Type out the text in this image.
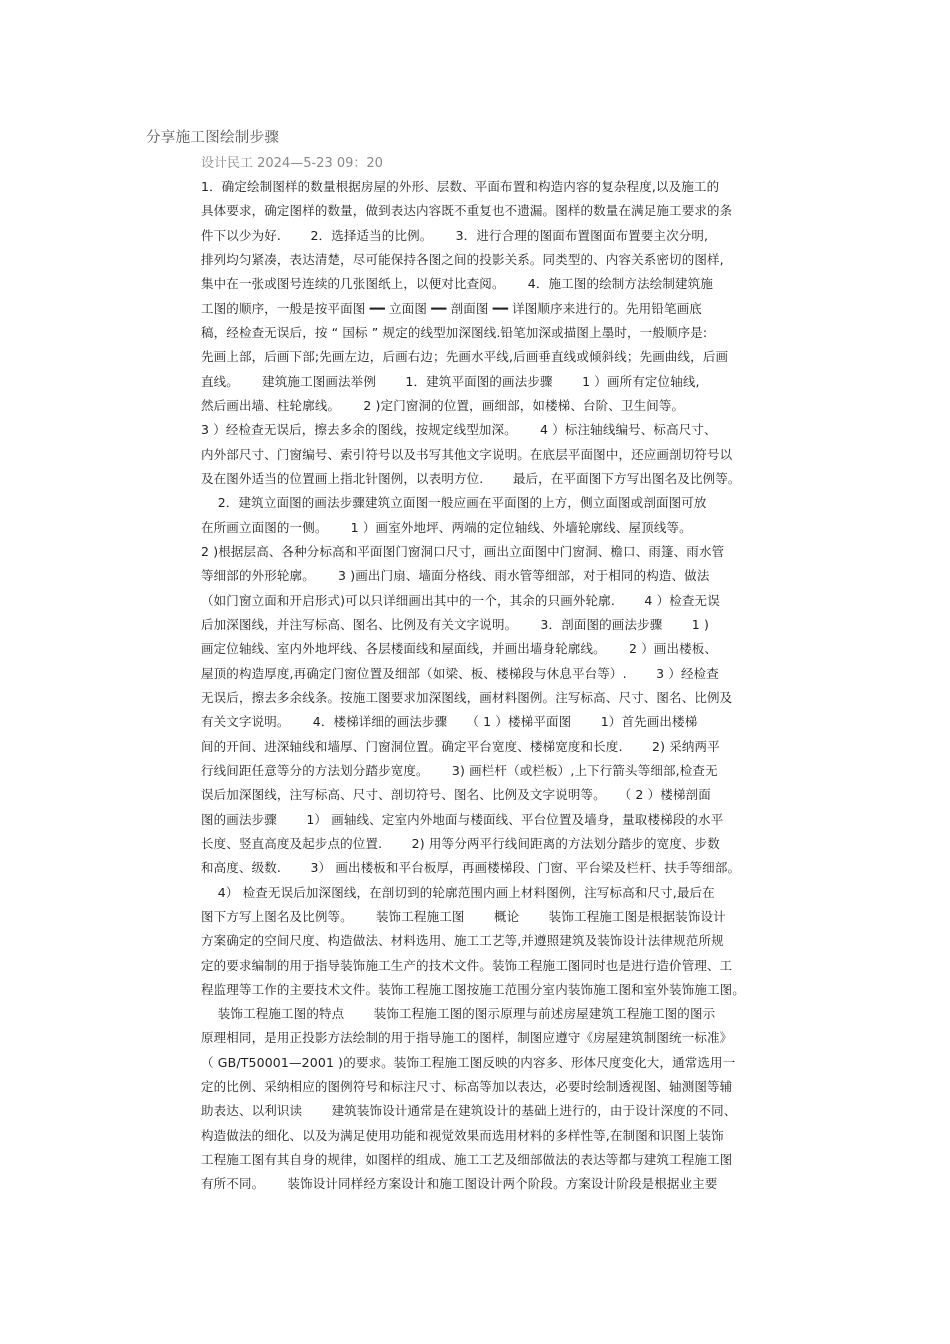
分享施工图绘制步骤
设计民工 2024—5-23 09：20
1．确定绘制图样的数量根据房屋的外形、层数、平面布置和构造内容的复杂程度,以及施工的
具体要求，确定图样的数量，做到表达内容既不重复也不遗漏。图样的数量在满足施工要求的条
件下以少为好.　　 2．选择适当的比例。　　 3．进行合理的图面布置图面布置要主次分明,
排列均匀紧凑，表达清楚，尽可能保持各图之间的投影关系。同类型的、内容关系密切的图样,
集中在一张或图号连续的几张图纸上，以便对比查阅。　　 4．施工图的绘制方法绘制建筑施
工图的顺序，一般是按平面图 ━━ 立面图 ━━ 剖面图 ━━ 详图顺序来进行的。先用铅笔画底
稿，经检查无误后，按 “ 国标 ” 规定的线型加深图线.铅笔加深或描图上墨时，一般顺序是:
先画上部，后画下部;先画左边，后画右边；先画水平线,后画垂直线或倾斜线；先画曲线，后画
直线。　　 建筑施工图画法举例　　 1．建筑平面图的画法步骤　　 1 ）画所有定位轴线,
然后画出墙、柱轮廓线。　　 2 )定门窗洞的位置，画细部，如楼梯、台阶、卫生间等。
3 ）经检查无误后，擦去多余的图线，按规定线型加深。　　 4 ）标注轴线编号、标高尺寸、
内外部尺寸、门窗编号、索引符号以及书写其他文字说明。在底层平面图中，还应画剖切符号以
及在图外适当的位置画上指北针图例，以表明方位.　　 最后，在平面图下方写出图名及比例等。
　 2．建筑立面图的画法步骤建筑立面图一般应画在平面图的上方，侧立面图或剖面图可放
在所画立面图的一侧。　　 1 ）画室外地坪、两端的定位轴线、外墙轮廓线、屋顶线等。
2 )根据层高、各种分标高和平面图门窗洞口尺寸，画出立面图中门窗洞、檐口、雨篷、雨水管
等细部的外形轮廓。　　 3 )画出门扇、墙面分格线、雨水管等细部，对于相同的构造、做法
（如门窗立面和开启形式)可以只详细画出其中的一个，其余的只画外轮廓.　　 4 ）检查无误
后加深图线，并注写标高、图名、比例及有关文字说明。　　 3．剖面图的画法步骤　　 1 )
画定位轴线、室内外地坪线、各层楼面线和屋面线，并画出墙身轮廓线。　　 2 ）画出楼板、
屋顶的构造厚度,再确定门窗位置及细部（如梁、板、楼梯段与休息平台等）.　　 3 ）经检查
无误后，擦去多余线条。按施工图要求加深图线，画材料图例。注写标高、尺寸、图名、比例及
有关文字说明。　　 4．楼梯详细的画法步骤　　（ 1 ）楼梯平面图　　 1）首先画出楼梯
间的开间、进深轴线和墙厚、门窗洞位置。确定平台宽度、楼梯宽度和长度.　　 2) 采纳两平
行线间距任意等分的方法划分踏步宽度。　　 3) 画栏杆（或栏板）,上下行箭头等细部,检查无
误后加深图线，注写标高、尺寸、剖切符号、图名、比例及文字说明等。　　（ 2 ）楼梯剖面
图的画法步骤　　 1） 画轴线、定室内外地面与楼面线、平台位置及墙身，量取楼梯段的水平
长度、竖直高度及起步点的位置.　　 2) 用等分两平行线间距离的方法划分踏步的宽度、步数
和高度、级数.　　 3） 画出楼板和平台板厚，再画楼梯段、门窗、平台梁及栏杆、扶手等细部。
　 4） 检查无误后加深图线，在剖切到的轮廓范围内画上材料图例，注写标高和尺寸,最后在
图下方写上图名及比例等。　　 装饰工程施工图　　 概论　　 装饰工程施工图是根据装饰设计
方案确定的空间尺度、构造做法、材料选用、施工工艺等,并遵照建筑及装饰设计法律规范所规
定的要求编制的用于指导装饰施工生产的技术文件。装饰工程施工图同时也是进行造价管理、工
程监理等工作的主要技术文件。装饰工程施工图按施工范围分室内装饰施工图和室外装饰施工图。
　 装饰工程施工图的特点　　 装饰工程施工图的图示原理与前述房屋建筑工程施工图的图示
原理相同，是用正投影方法绘制的用于指导施工的图样，制图应遵守《房屋建筑制图统一标准》
（ GB/T50001—2001 )的要求。装饰工程施工图反映的内容多、形体尺度变化大，通常选用一
定的比例、采纳相应的图例符号和标注尺寸、标高等加以表达，必要时绘制透视图、轴测图等辅
助表达、以利识读　　 建筑装饰设计通常是在建筑设计的基础上进行的，由于设计深度的不同、
构造做法的细化、以及为满足使用功能和视觉效果而选用材料的多样性等,在制图和识图上装饰
工程施工图有其自身的规律，如图样的组成、施工工艺及细部做法的表达等都与建筑工程施工图
有所不同。　　 装饰设计同样经方案设计和施工图设计两个阶段。方案设计阶段是根据业主要
